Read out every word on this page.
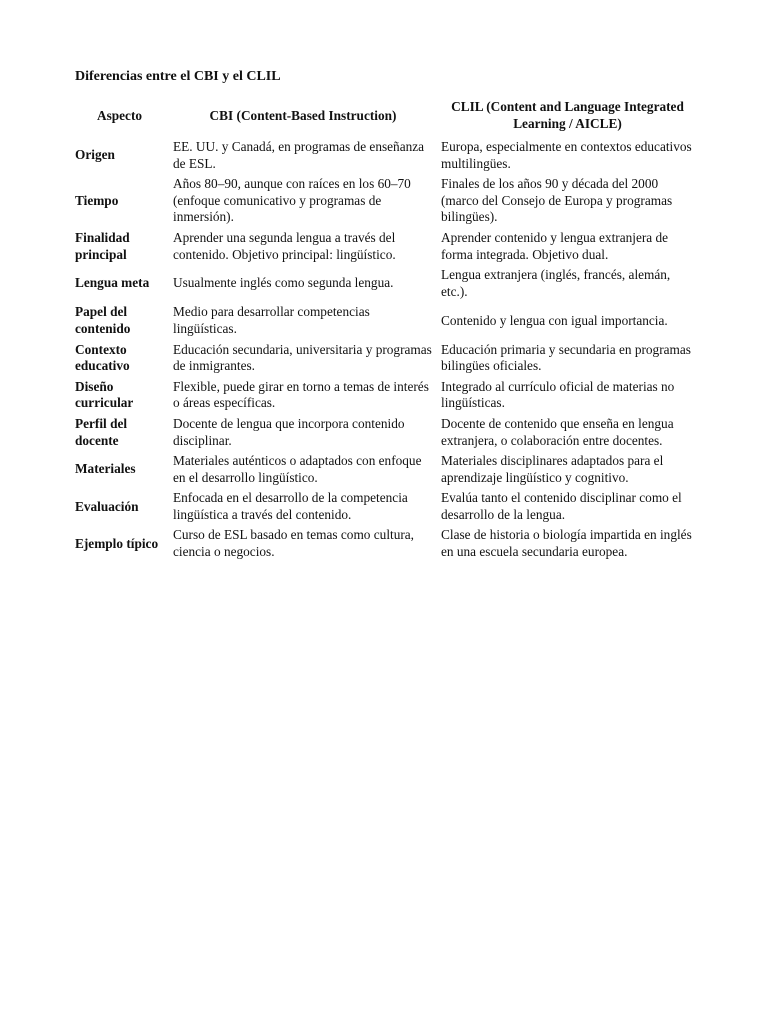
Diferencias entre el CBI y el CLIL
Aspecto	CBI (Content-Based Instruction)	CLIL (Content and Language Integrated Learning / AICLE)
Origen	EE. UU. y Canadá, en programas de enseñanza de ESL.	Europa, especialmente en contextos educativos multilingües.
Tiempo	Años 80–90, aunque con raíces en los 60–70 (enfoque comunicativo y programas de inmersión).	Finales de los años 90 y década del 2000 (marco del Consejo de Europa y programas bilingües).
Finalidad principal	Aprender una segunda lengua a través del contenido. Objetivo principal: lingüístico.	Aprender contenido y lengua extranjera de forma integrada. Objetivo dual.
Lengua meta	Usualmente inglés como segunda lengua.	Lengua extranjera (inglés, francés, alemán, etc.).
Papel del contenido	Medio para desarrollar competencias lingüísticas.	Contenido y lengua con igual importancia.
Contexto educativo	Educación secundaria, universitaria y programas de inmigrantes.	Educación primaria y secundaria en programas bilingües oficiales.
Diseño curricular	Flexible, puede girar en torno a temas de interés o áreas específicas.	Integrado al currículo oficial de materias no lingüísticas.
Perfil del docente	Docente de lengua que incorpora contenido disciplinar.	Docente de contenido que enseña en lengua extranjera, o colaboración entre docentes.
Materiales	Materiales auténticos o adaptados con enfoque en el desarrollo lingüístico.	Materiales disciplinares adaptados para el aprendizaje lingüístico y cognitivo.
Evaluación	Enfocada en el desarrollo de la competencia lingüística a través del contenido.	Evalúa tanto el contenido disciplinar como el desarrollo de la lengua.
Ejemplo típico	Curso de ESL basado en temas como cultura, ciencia o negocios.	Clase de historia o biología impartida en inglés en una escuela secundaria europea.
